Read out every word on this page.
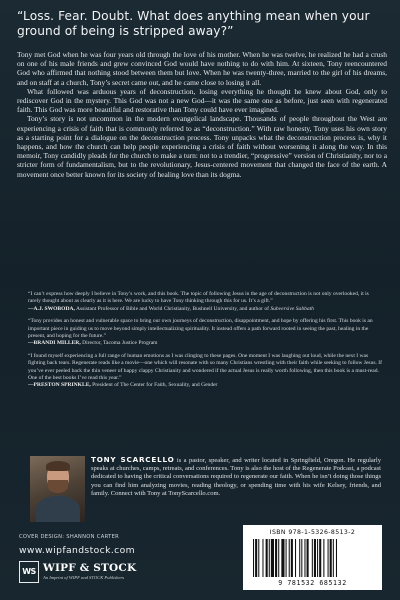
“Loss. Fear. Doubt. What does anything mean when your ground of being is stripped away?”

Tony met God when he was four years old through the love of his mother. When he was twelve, he realized he had a crush on one of his male friends and grew convinced God would have nothing to do with him. At sixteen, Tony reencountered God who affirmed that nothing stood between them but love. When he was twenty-three, married to the girl of his dreams, and on staff at a church, Tony’s secret came out, and he came close to losing it all.

What followed was arduous years of deconstruction, losing everything he thought he knew about God, only to rediscover God in the mystery. This God was not a new God—it was the same one as before, just seen with regenerated faith. This God was more beautiful and restorative than Tony could have ever imagined.

Tony’s story is not uncommon in the modern evangelical landscape. Thousands of people throughout the West are experiencing a crisis of faith that is commonly referred to as “deconstruction.” With raw honesty, Tony uses his own story as a starting point for a dialogue on the deconstruction process. Tony unpacks what the deconstruction process is, why it happens, and how the church can help people experiencing a crisis of faith without worsening it along the way. In this memoir, Tony candidly pleads for the church to make a turn: not to a trendier, “progressive” version of Christianity, nor to a stricter form of fundamentalism, but to the revolutionary, Jesus-centered movement that changed the face of the earth. A movement once better known for its society of healing love than its dogma.

“I can’t express how deeply I believe in Tony’s work, and this book. The topic of following Jesus in the age of deconstruction is not only overlooked, it is rarely thought about as clearly as it is here. We are lucky to have Tony thinking through this for us. It’s a gift.”
—A.J. SWOBODA, Assistant Professor of Bible and World Christianity, Bushnell University, and author of Subversive Sabbath
“Tony provides an honest and vulnerable space to bring our own journeys of deconstruction, disappointment, and hope by offering his first. This book is an important piece in guiding us to move beyond simply intellectualizing spirituality. It instead offers a path forward rooted in seeing the past, healing in the present, and hoping for the future.”
—BRANDI MILLER, Director, Tacoma Justice Program
“I found myself experiencing a full range of human emotions as I was clinging to these pages. One moment I was laughing out loud, while the next I was fighting back tears. Regenerate reads like a movie—one which will resonate with so many Christians wrestling with their faith while seeking to follow Jesus. If you’ve ever peeled back the thin veneer of happy clappy Christianity and wondered if the actual Jesus is really worth following, then this book is a must-read. One of the best books I’ve read this year.”
—PRESTON SPRINKLE, President of The Center for Faith, Sexuality, and Gender
TONY SCARCELLO is a pastor, speaker, and writer located in Springfield, Oregon. He regularly speaks at churches, camps, retreats, and conferences. Tony is also the host of the Regenerate Podcast, a podcast dedicated to having the critical conversations required to regenerate our faith. When he isn’t doing those things you can find him analyzing movies, reading theology, or spending time with his wife Kelsey, friends, and family. Connect with Tony at TonyScarcello.com.
COVER DESIGN: SHANNON CARTER
www.wipfandstock.com
WS WIPF & STOCK
An Imprint of WIPF and STOCK Publishers
ISBN 978-1-5326-8513-2
9 781532 685132
